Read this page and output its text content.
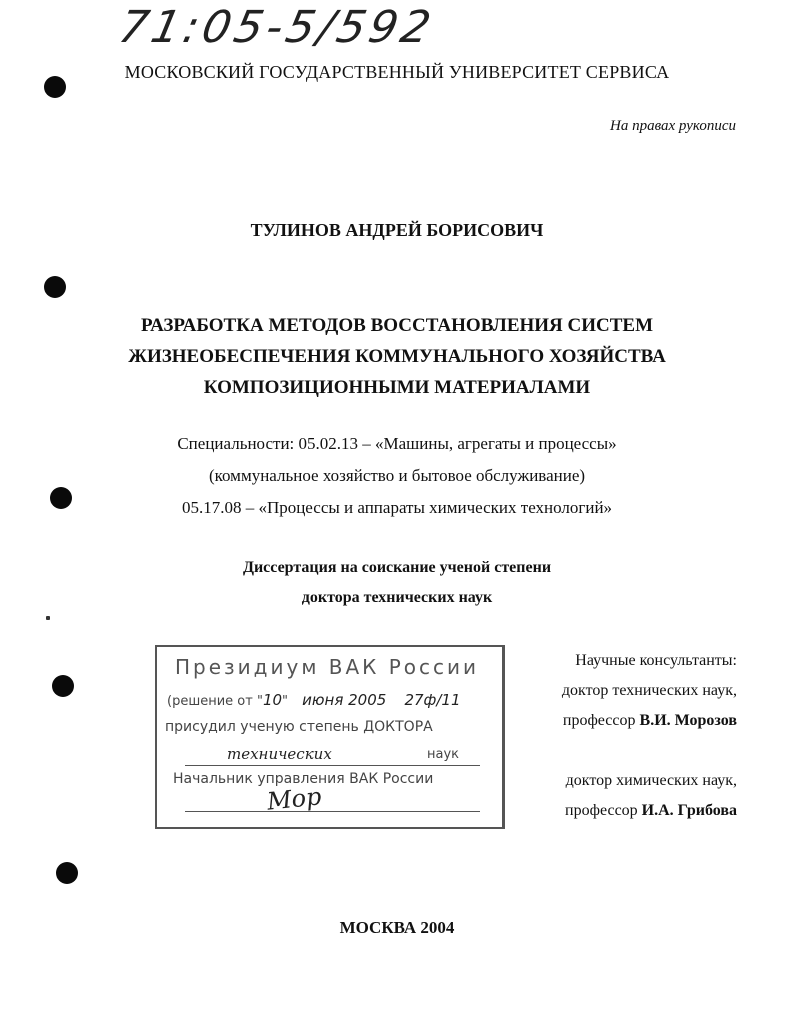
71:05-5/592
МОСКОВСКИЙ ГОСУДАРСТВЕННЫЙ УНИВЕРСИТЕТ СЕРВИСА
На правах рукописи
ТУЛИНОВ АНДРЕЙ БОРИСОВИЧ
РАЗРАБОТКА МЕТОДОВ ВОССТАНОВЛЕНИЯ СИСТЕМ
ЖИЗНЕОБЕСПЕЧЕНИЯ КОММУНАЛЬНОГО ХОЗЯЙСТВА
КОМПОЗИЦИОННЫМИ МАТЕРИАЛАМИ
Специальности: 05.02.13 – «Машины, агрегаты и процессы»
(коммунальное хозяйство и бытовое обслуживание)
05.17.08 – «Процессы и аппараты химических технологий»
Диссертация на соискание ученой степени
доктора технических наук
Научные консультанты:
доктор технических наук,
профессор В.И. Морозов
доктор химических наук,
профессор И.А. Грибова
Президиум ВАК России
(решение от "10" июня 2005 27ф/11
присудил ученую степень ДОКТОРА
технических	наук
Начальник управления ВАК России
Мор
МОСКВА 2004
